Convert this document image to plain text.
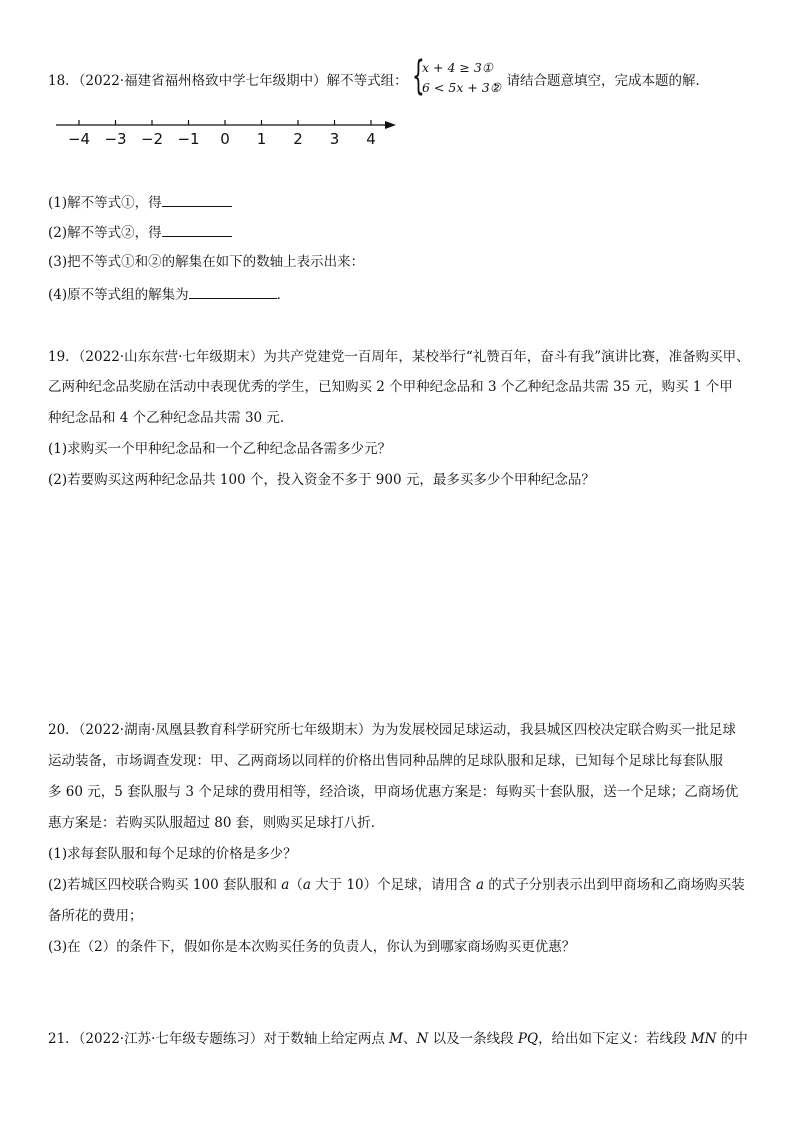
18．（2022·福建省福州格致中学七年级期中）解不等式组： {
x + 4 ≥ 3①
6 < 5x + 3②
，请结合题意填空，完成本题的解．
−4 −3 −2 −1 0 1 2 3 4
(1)解不等式①，得
(2)解不等式②，得
(3)把不等式①和②的解集在如下的数轴上表示出来：
(4)原不等式组的解集为	．
19．（2022·山东东营·七年级期末）为共产党建党一百周年，某校举行“礼赞百年，奋斗有我”演讲比赛，准备购买甲、
乙两种纪念品奖励在活动中表现优秀的学生，已知购买 2 个甲种纪念品和 3 个乙种纪念品共需 35 元，购买 1 个甲
种纪念品和 4 个乙种纪念品共需 30 元．
(1)求购买一个甲种纪念品和一个乙种纪念品各需多少元？
(2)若要购买这两种纪念品共 100 个，投入资金不多于 900 元，最多买多少个甲种纪念品？
20．（2022·湖南·凤凰县教育科学研究所七年级期末）为为发展校园足球运动，我县城区四校决定联合购买一批足球
运动装备，市场调查发现：甲、乙两商场以同样的价格出售同种品牌的足球队服和足球，已知每个足球比每套队服
多 60 元，5 套队服与 3 个足球的费用相等，经洽谈，甲商场优惠方案是：每购买十套队服，送一个足球；乙商场优
惠方案是：若购买队服超过 80 套，则购买足球打八折．
(1)求每套队服和每个足球的价格是多少？
(2)若城区四校联合购买 100 套队服和 a（a 大于 10）个足球，请用含 a 的式子分别表示出到甲商场和乙商场购买装
备所花的费用；
(3)在（2）的条件下，假如你是本次购买任务的负责人，你认为到哪家商场购买更优惠？
21．（2022·江苏·七年级专题练习）对于数轴上给定两点 M、N 以及一条线段 PQ，给出如下定义：若线段 MN 的中
